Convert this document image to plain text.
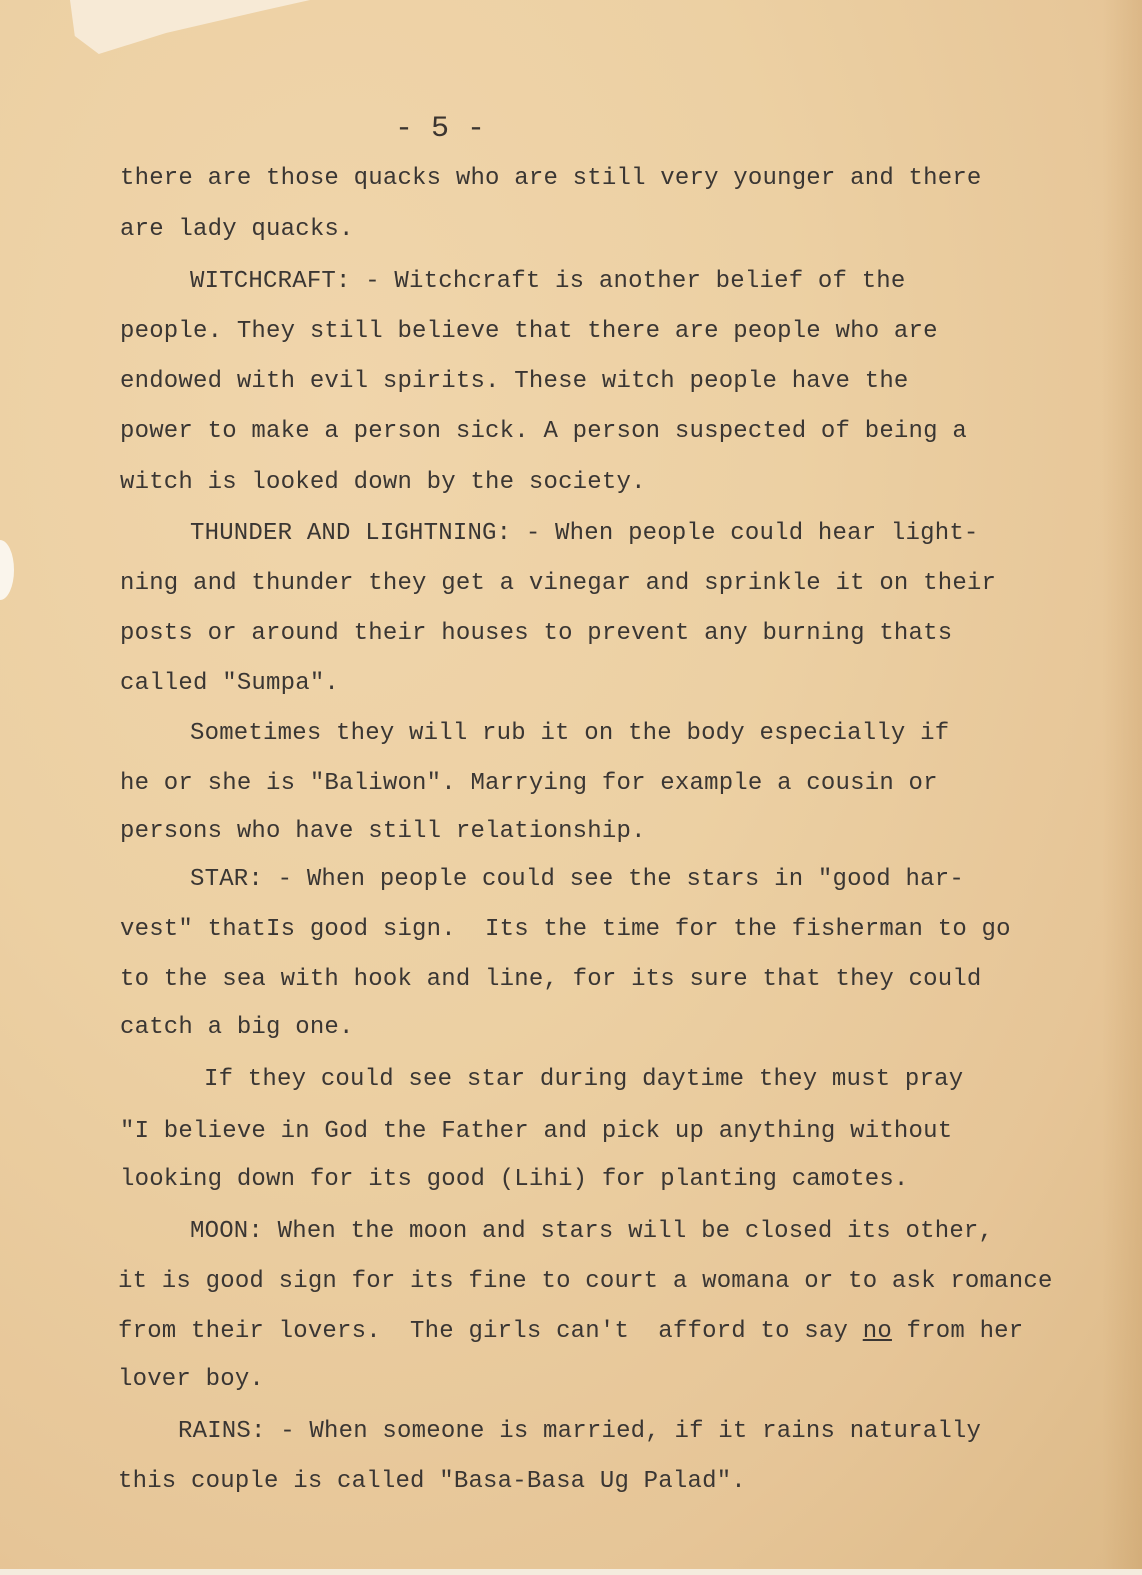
- 5 -
there are those quacks who are still very younger and there
are lady quacks.
WITCHCRAFT: - Witchcraft is another belief of the
people. They still believe that there are people who are
endowed with evil spirits. These witch people have the
power to make a person sick. A person suspected of being a
witch is looked down by the society.
THUNDER AND LIGHTNING: - When people could hear light-
ning and thunder they get a vinegar and sprinkle it on their
posts or around their houses to prevent any burning thats
called "Sumpa".
Sometimes they will rub it on the body especially if
he or she is "Baliwon". Marrying for example a cousin or
persons who have still relationship.
STAR: - When people could see the stars in "good har-
vest" thatIs good sign.  Its the time for the fisherman to go
to the sea with hook and line, for its sure that they could
catch a big one.
If they could see star during daytime they must pray
"I believe in God the Father and pick up anything without
looking down for its good (Lihi) for planting camotes.
MOON: When the moon and stars will be closed its other,
it is good sign for its fine to court a womana or to ask romance
from their lovers.  The girls can't  afford to say no from her
lover boy.
RAINS: - When someone is married, if it rains naturally
this couple is called "Basa-Basa Ug Palad".
